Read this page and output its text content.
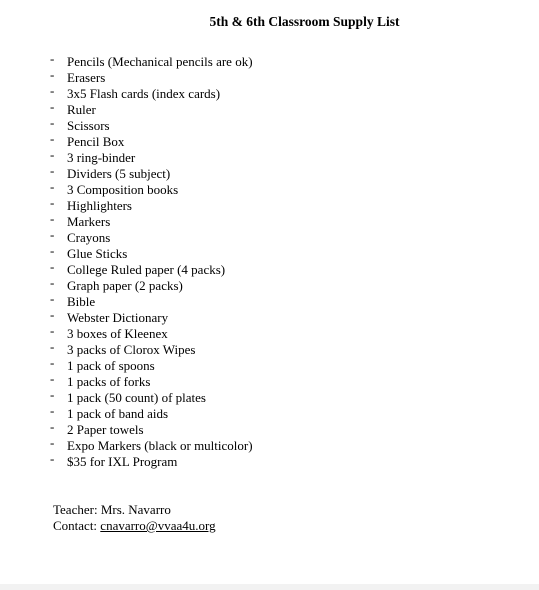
5th & 6th Classroom Supply List
- Pencils (Mechanical pencils are ok)
- Erasers
- 3x5 Flash cards (index cards)
- Ruler
- Scissors
- Pencil Box
- 3 ring-binder
- Dividers (5 subject)
- 3 Composition books
- Highlighters
- Markers
- Crayons
- Glue Sticks
- College Ruled paper (4 packs)
- Graph paper (2 packs)
- Bible
- Webster Dictionary
- 3 boxes of Kleenex
- 3 packs of Clorox Wipes
- 1 pack of spoons
- 1 packs of forks
- 1 pack (50 count) of plates
- 1 pack of band aids
- 2 Paper towels
- Expo Markers (black or multicolor)
- $35 for IXL Program
Teacher: Mrs. Navarro
Contact: cnavarro@vvaa4u.org
